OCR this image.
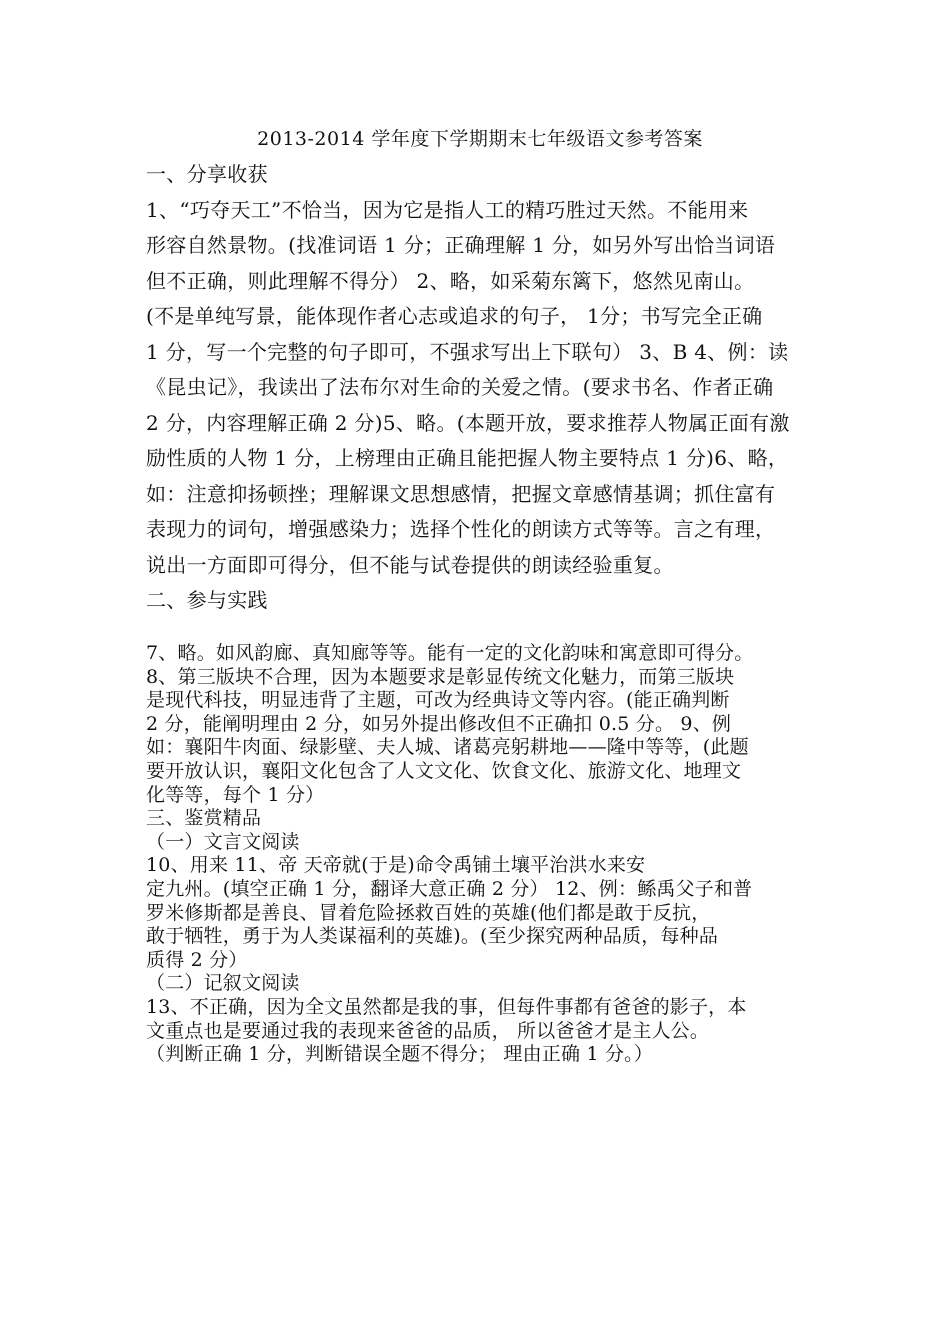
2013-2014 学年度下学期期末七年级语文参考答案
一、分享收获
1、“巧夺天工”不恰当，因为它是指人工的精巧胜过天然。不能用来
形容自然景物。(找准词语 1 分；正确理解 1 分，如另外写出恰当词语
但不正确，则此理解不得分） 2、略，如采菊东篱下，悠然见南山。
(不是单纯写景，能体现作者心志或追求的句子， 1分；书写完全正确
1 分，写一个完整的句子即可，不强求写出上下联句） 3、B 4、例：读
《昆虫记》，我读出了法布尔对生命的关爱之情。(要求书名、作者正确
2 分，内容理解正确 2 分)5、略。(本题开放，要求推荐人物属正面有激
励性质的人物 1 分，上榜理由正确且能把握人物主要特点 1 分)6、略，
如：注意抑扬顿挫；理解课文思想感情，把握文章感情基调；抓住富有
表现力的词句，增强感染力；选择个性化的朗读方式等等。言之有理，
说出一方面即可得分，但不能与试卷提供的朗读经验重复。
二、参与实践
7、略。如风韵廊、真知廊等等。能有一定的文化韵味和寓意即可得分。
8、第三版块不合理，因为本题要求是彰显传统文化魅力，而第三版块
是现代科技，明显违背了主题，可改为经典诗文等内容。(能正确判断
2 分，能阐明理由 2 分，如另外提出修改但不正确扣 0.5 分。 9、例
如：襄阳牛肉面、绿影壁、夫人城、诸葛亮躬耕地——隆中等等，(此题
要开放认识，襄阳文化包含了人文文化、饮食文化、旅游文化、地理文
化等等，每个 1 分）
三、鉴赏精品
（一）文言文阅读
10、用来 11、帝 天帝就(于是)命令禹铺土壤平治洪水来安
定九州。(填空正确 1 分，翻译大意正确 2 分） 12、例：鲧禹父子和普
罗米修斯都是善良、冒着危险拯救百姓的英雄(他们都是敢于反抗，
敢于牺牲，勇于为人类谋福利的英雄)。(至少探究两种品质，每种品
质得 2 分）
（二）记叙文阅读
13、不正确，因为全文虽然都是我的事，但每件事都有爸爸的影子，本
文重点也是要通过我的表现来爸爸的品质， 所以爸爸才是主人公。
（判断正确 1 分，判断错误全题不得分； 理由正确 1 分。）
